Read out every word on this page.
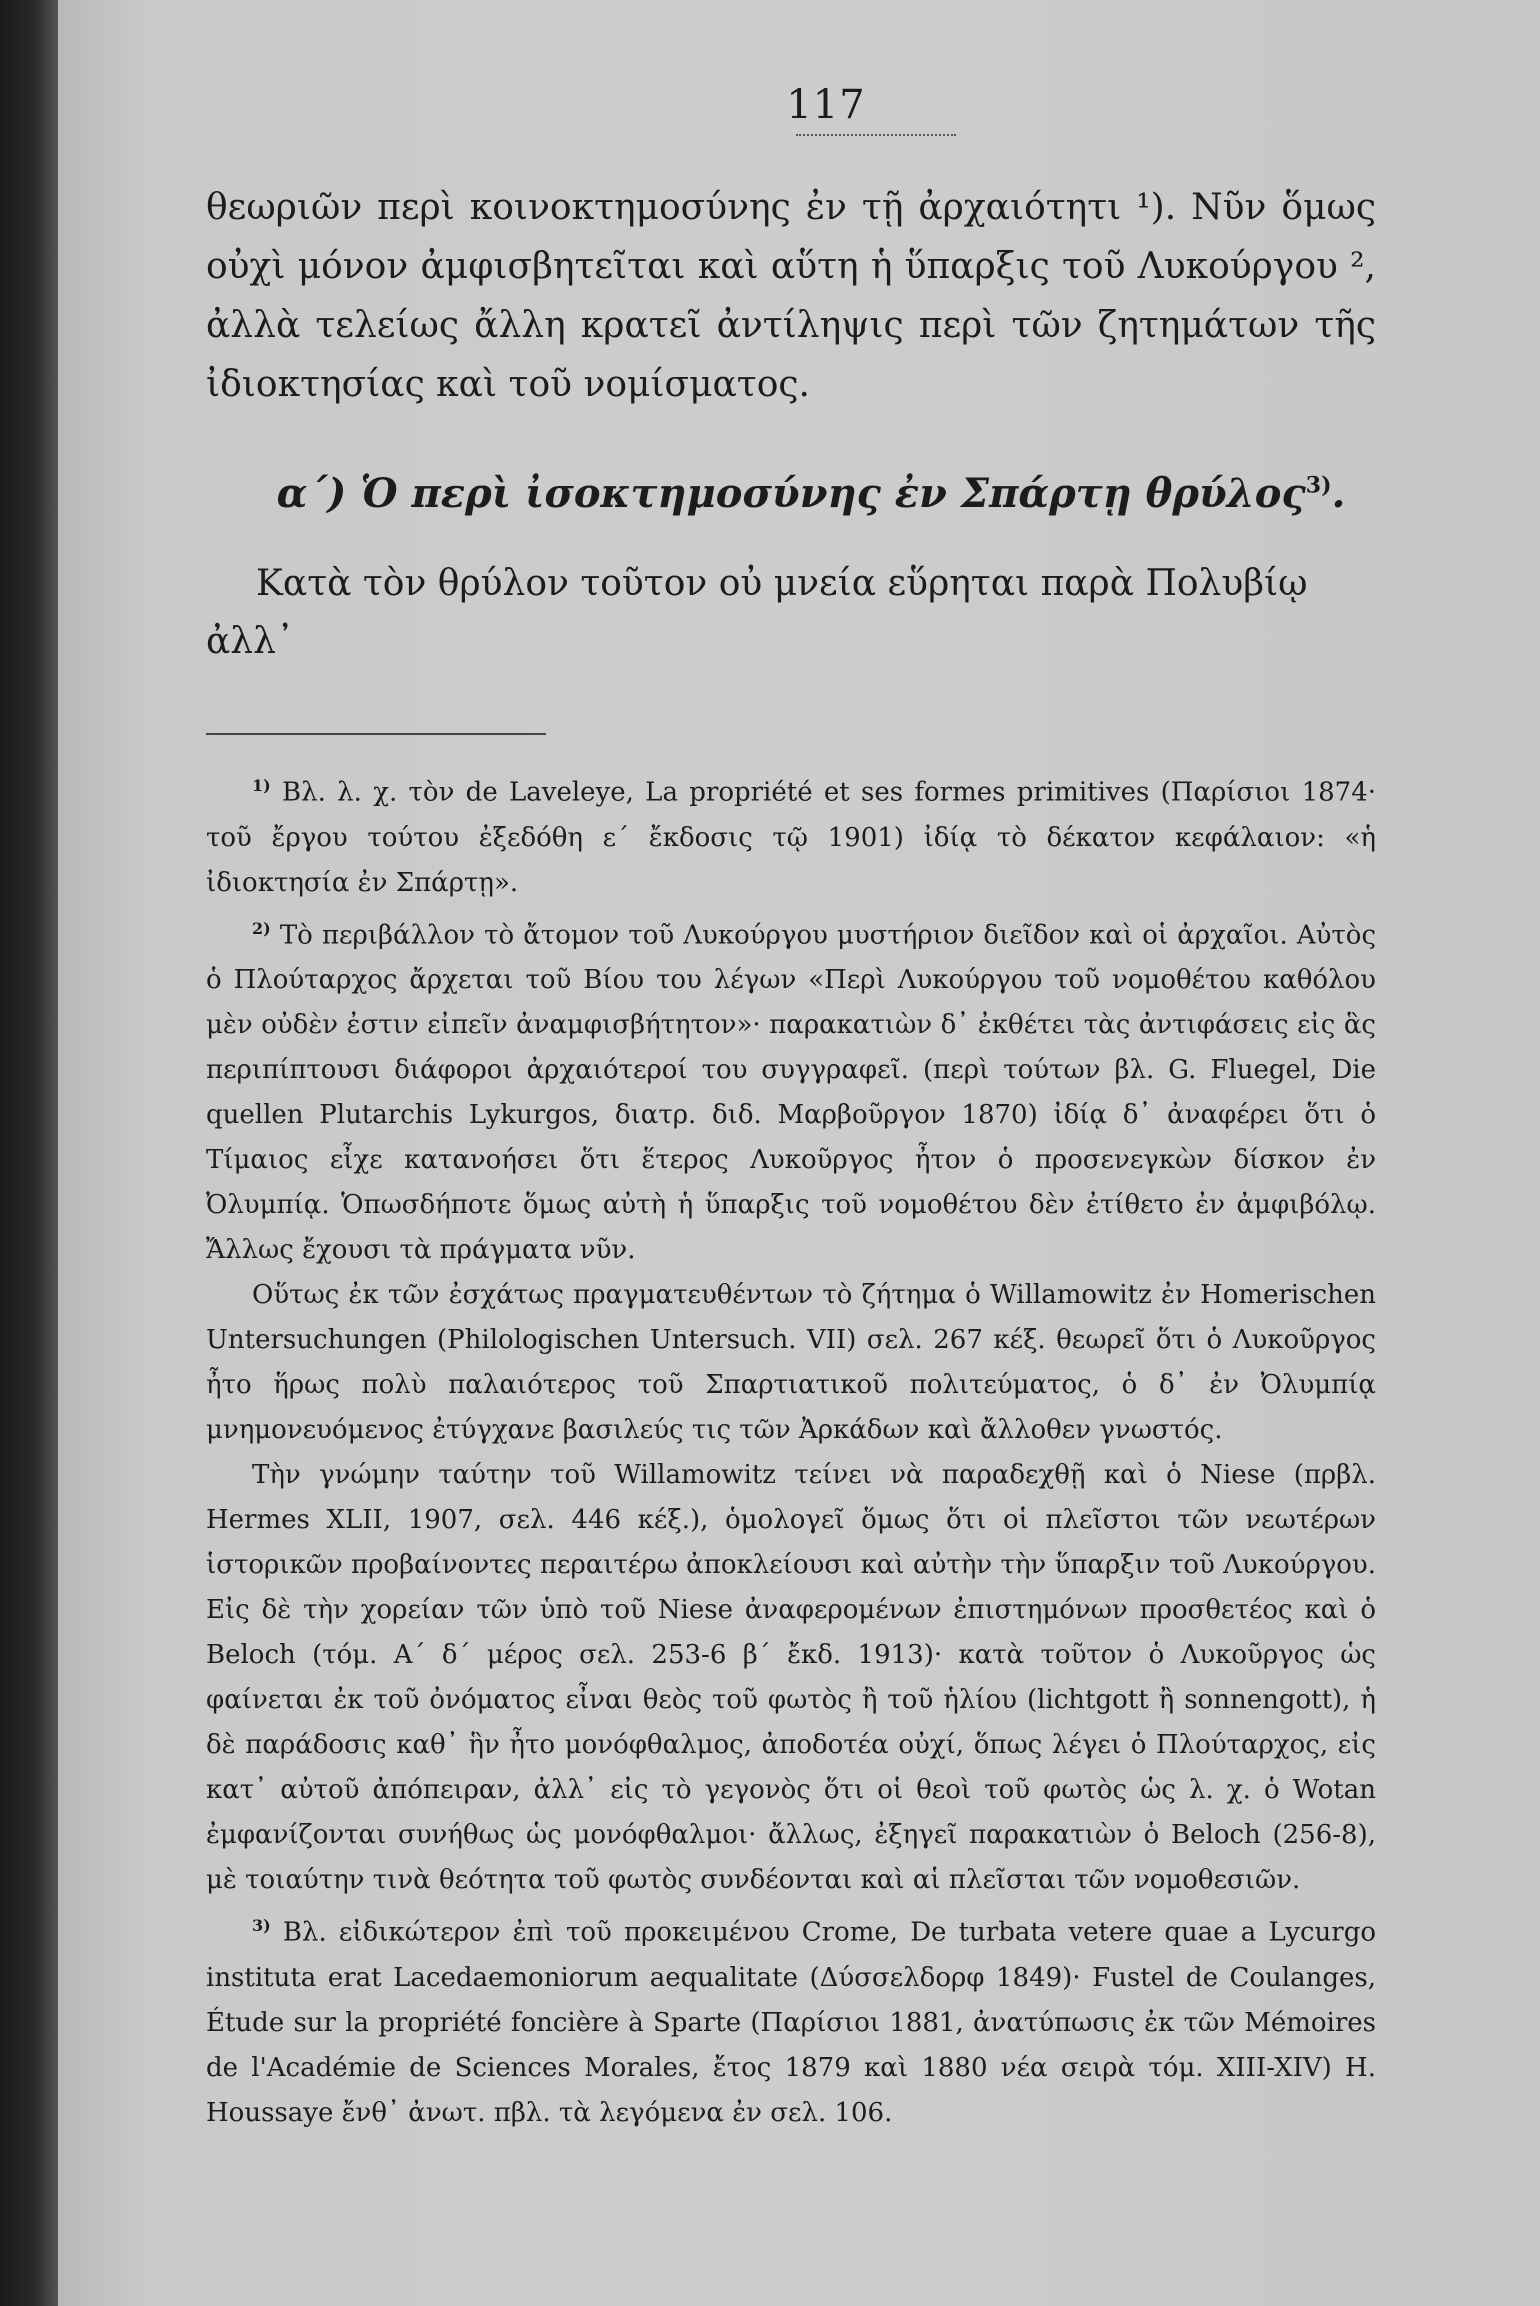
117

θεωριῶν περὶ κοινοκτημοσύνης ἐν τῇ ἀρχαιότητι ¹). Νῦν ὅμως οὐχὶ μόνον ἀμφισβητεῖται καὶ αὕτη ἡ ὕπαρξις τοῦ Λυκούργου ², ἀλλὰ τελείως ἄλλη κρατεῖ ἀντίληψις περὶ τῶν ζητημάτων τῆς ἰδιοκτησίας καὶ τοῦ νομίσματος.

α΄) Ὁ περὶ ἰσοκτημοσύνης ἐν Σπάρτῃ θρύλος$^{3)}$.

Κατὰ τὸν θρύλον τοῦτον οὐ μνεία εὕρηται παρὰ Πολυβίῳ ἀλλ᾿

$^{1)}$ Βλ. λ. χ. τὸν de Laveleye, La propriété et ses formes primitives (Παρίσιοι 1874· τοῦ ἔργου τούτου ἐξεδόθη ε΄ ἔκδοσις τῷ 1901) ἰδίᾳ τὸ δέκατον κεφάλαιον: «ἡ ἰδιοκτησία ἐν Σπάρτῃ».

$^{2)}$ Τὸ περιβάλλον τὸ ἄτομον τοῦ Λυκούργου μυστήριον διεῖδον καὶ οἱ ἀρχαῖοι. Αὐτὸς ὁ Πλούταρχος ἄρχεται τοῦ Βίου του λέγων «Περὶ Λυκούργου τοῦ νομοθέτου καθόλου μὲν οὐδὲν ἐστιν εἰπεῖν ἀναμφισβήτητον»· παρακατιὼν δ᾿ ἐκθέτει τὰς ἀντιφάσεις εἰς ἃς περιπίπτουσι διάφοροι ἀρχαιότεροί του συγγραφεῖ. (περὶ τούτων βλ. G. Fluegel, Die quellen Plutarchis Lykurgos, διατρ. διδ. Μαρβοῦργον 1870) ἰδίᾳ δ᾿ ἀναφέρει ὅτι ὁ Τίμαιος εἶχε κατανοήσει ὅτι ἕτερος Λυκοῦργος ἦτον ὁ προσενεγκὼν δίσκον ἐν Ὀλυμπίᾳ. Ὁπωσδήποτε ὅμως αὐτὴ ἡ ὕπαρξις τοῦ νομοθέτου δὲν ἐτίθετο ἐν ἀμφιβόλῳ. Ἄλλως ἔχουσι τὰ πράγματα νῦν.

Οὕτως ἐκ τῶν ἐσχάτως πραγματευθέντων τὸ ζήτημα ὁ Willamowitz ἐν Homerischen Untersuchungen (Philologischen Untersuch. VII) σελ. 267 κέξ. θεωρεῖ ὅτι ὁ Λυκοῦργος ἦτο ἥρως πολὺ παλαιότερος τοῦ Σπαρτιατικοῦ πολιτεύματος, ὁ δ᾿ ἐν Ὀλυμπίᾳ μνημονευόμενος ἐτύγχανε βασιλεύς τις τῶν Ἀρκάδων καὶ ἄλλοθεν γνωστός.

Τὴν γνώμην ταύτην τοῦ Willamowitz τείνει νὰ παραδεχθῇ καὶ ὁ Niese (πρβλ. Hermes XLII, 1907, σελ. 446 κέξ.), ὁμολογεῖ ὅμως ὅτι οἱ πλεῖστοι τῶν νεωτέρων ἱστορικῶν προβαίνοντες περαιτέρω ἀποκλείουσι καὶ αὐτὴν τὴν ὕπαρξιν τοῦ Λυκούργου. Εἰς δὲ τὴν χορείαν τῶν ὑπὸ τοῦ Niese ἀναφερομένων ἐπιστημόνων προσθετέος καὶ ὁ Beloch (τόμ. Α΄ δ΄ μέρος σελ. 253-6 β΄ ἔκδ. 1913)· κατὰ τοῦτον ὁ Λυκοῦργος ὡς φαίνεται ἐκ τοῦ ὀνόματος εἶναι θεὸς τοῦ φωτὸς ἢ τοῦ ἡλίου (lichtgott ἢ sonnengott), ἡ δὲ παράδοσις καθ᾿ ἣν ἦτο μονόφθαλμος, ἀποδοτέα οὐχί, ὅπως λέγει ὁ Πλούταρχος, εἰς κατ᾿ αὐτοῦ ἀπόπειραν, ἀλλ᾿ εἰς τὸ γεγονὸς ὅτι οἱ θεοὶ τοῦ φωτὸς ὡς λ. χ. ὁ Wotan ἐμφανίζονται συνήθως ὡς μονόφθαλμοι· ἄλλως, ἐξηγεῖ παρακατιὼν ὁ Beloch (256-8), μὲ τοιαύτην τινὰ θεότητα τοῦ φωτὸς συνδέονται καὶ αἱ πλεῖσται τῶν νομοθεσιῶν.

$^{3)}$ Βλ. εἰδικώτερον ἐπὶ τοῦ προκειμένου Crome, De turbata vetere quae a Lycurgo instituta erat Lacedaemoniorum aequalitate (Δύσσελδορφ 1849)· Fustel de Coulanges, Étude sur la propriété foncière à Sparte (Παρίσιοι 1881, ἀνατύπωσις ἐκ τῶν Mémoires de l'Académie de Sciences Morales, ἔτος 1879 καὶ 1880 νέα σειρὰ τόμ. XIII-XIV) H. Houssaye ἔνθ᾿ ἀνωτ. πβλ. τὰ λεγόμενα ἐν σελ. 106.
